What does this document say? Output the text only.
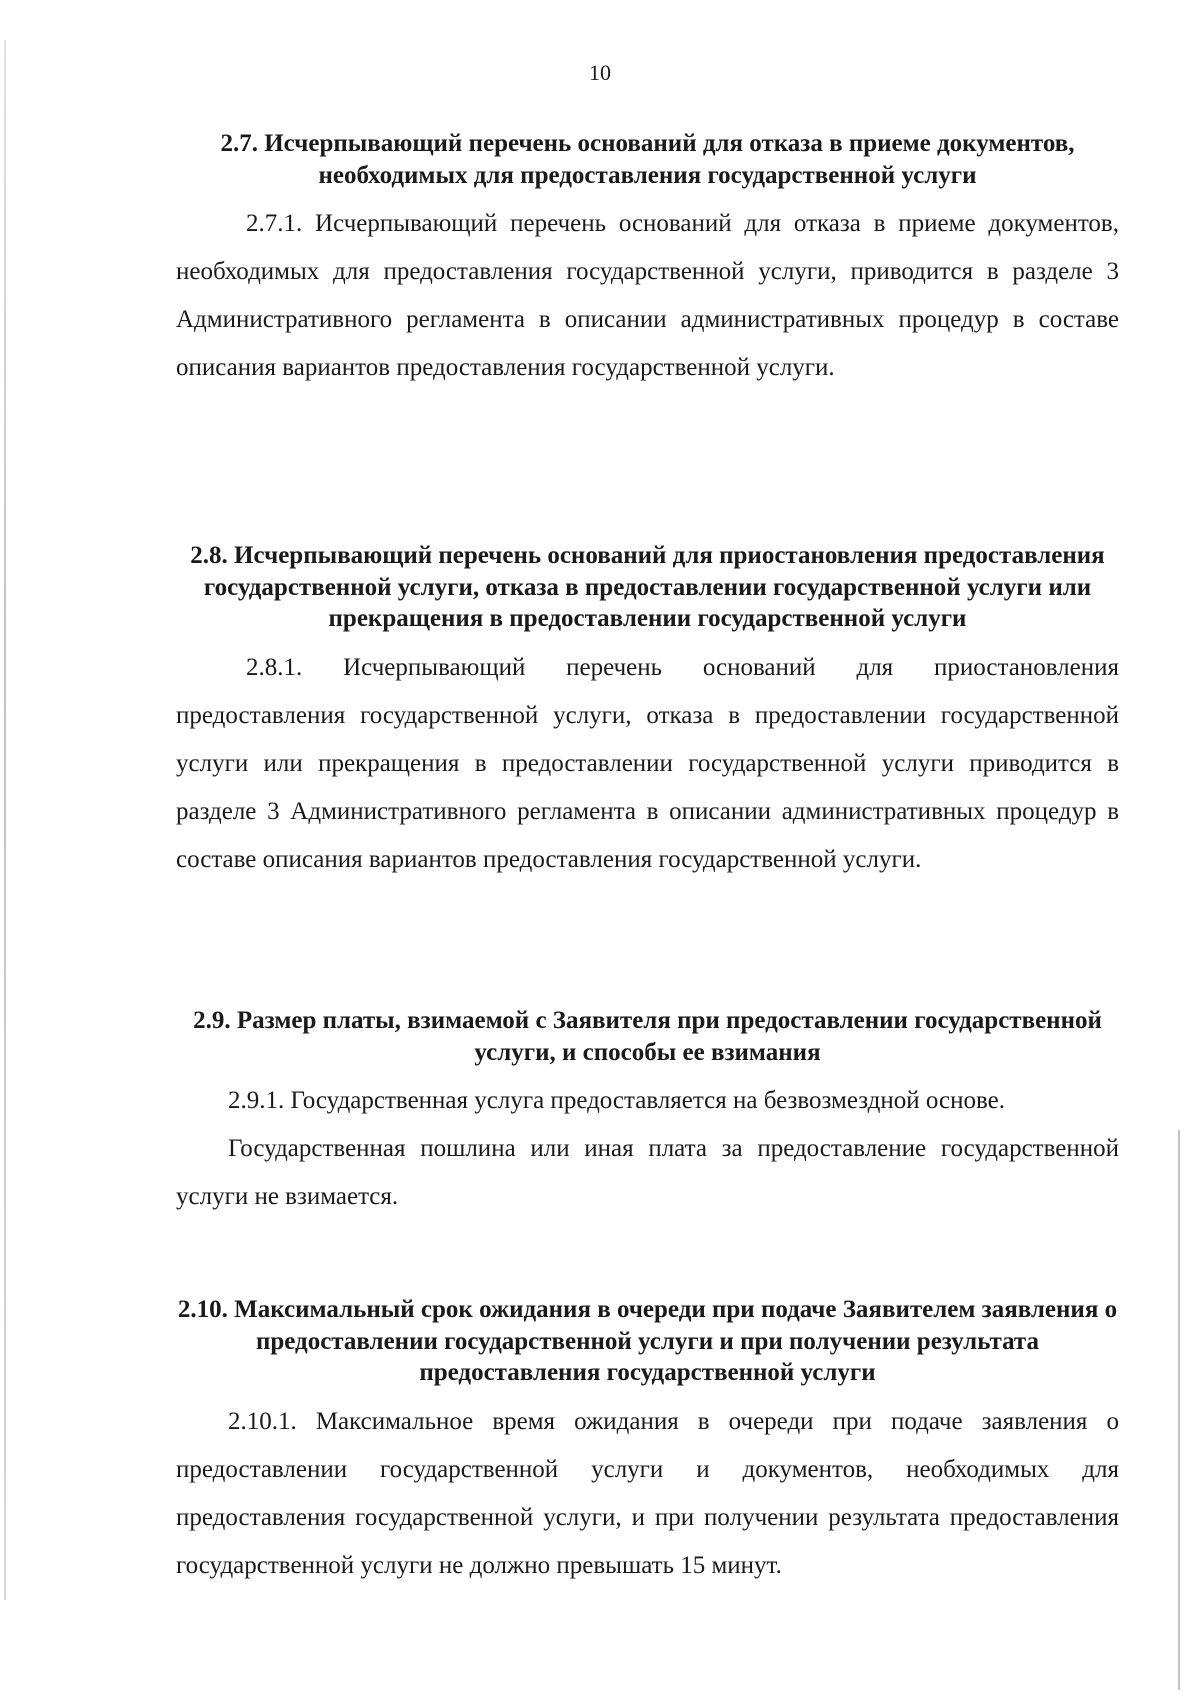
10

2.7. Исчерпывающий перечень оснований для отказа в приеме документов, необходимых для предоставления государственной услуги

2.7.1. Исчерпывающий перечень оснований для отказа в приеме документов, необходимых для предоставления государственной услуги, приводится в разделе 3 Административного регламента в описании административных процедур в составе описания вариантов предоставления государственной услуги.

2.8. Исчерпывающий перечень оснований для приостановления предоставления государственной услуги, отказа в предоставлении государственной услуги или прекращения в предоставлении государственной услуги

2.8.1. Исчерпывающий перечень оснований для приостановления предоставления государственной услуги, отказа в предоставлении государственной услуги или прекращения в предоставлении государственной услуги приводится в разделе 3 Административного регламента в описании административных процедур в составе описания вариантов предоставления государственной услуги.

2.9. Размер платы, взимаемой с Заявителя при предоставлении государственной услуги, и способы ее взимания

2.9.1. Государственная услуга предоставляется на безвозмездной основе.

Государственная пошлина или иная плата за предоставление государственной услуги не взимается.

2.10. Максимальный срок ожидания в очереди при подаче Заявителем заявления о предоставлении государственной услуги и при получении результата предоставления государственной услуги

2.10.1. Максимальное время ожидания в очереди при подаче заявления о предоставлении государственной услуги и документов, необходимых для предоставления государственной услуги, и при получении результата предоставления государственной услуги не должно превышать 15 минут.
